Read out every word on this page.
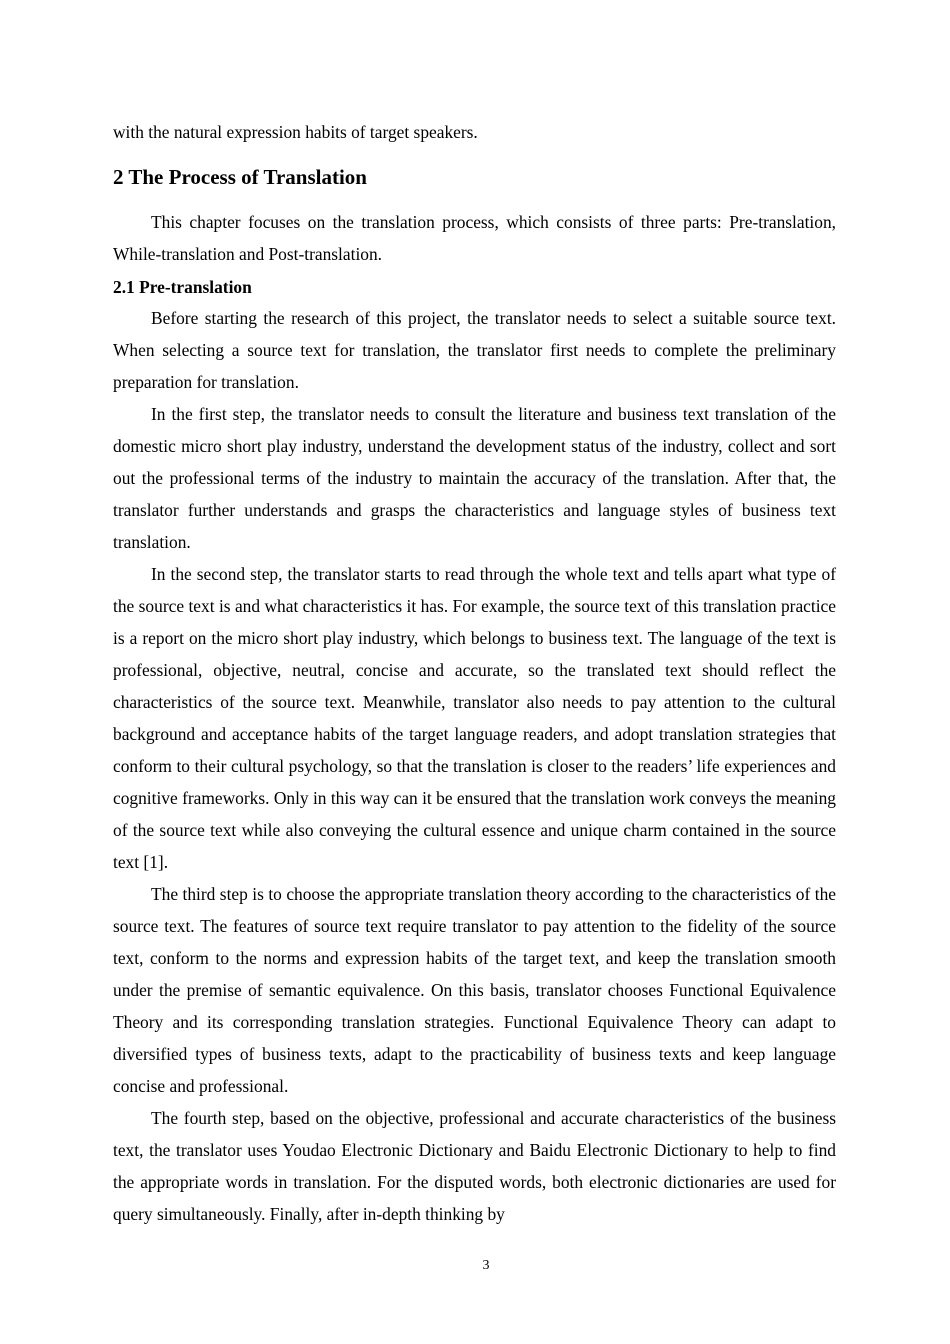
with the natural expression habits of target speakers.

2 The Process of Translation

This chapter focuses on the translation process, which consists of three parts: Pre-translation, While-translation and Post-translation.

2.1 Pre-translation

Before starting the research of this project, the translator needs to select a suitable source text. When selecting a source text for translation, the translator first needs to complete the preliminary preparation for translation.

In the first step, the translator needs to consult the literature and business text translation of the domestic micro short play industry, understand the development status of the industry, collect and sort out the professional terms of the industry to maintain the accuracy of the translation. After that, the translator further understands and grasps the characteristics and language styles of business text translation.

In the second step, the translator starts to read through the whole text and tells apart what type of the source text is and what characteristics it has. For example, the source text of this translation practice is a report on the micro short play industry, which belongs to business text. The language of the text is professional, objective, neutral, concise and accurate, so the translated text should reflect the characteristics of the source text. Meanwhile, translator also needs to pay attention to the cultural background and acceptance habits of the target language readers, and adopt translation strategies that conform to their cultural psychology, so that the translation is closer to the readers’ life experiences and cognitive frameworks. Only in this way can it be ensured that the translation work conveys the meaning of the source text while also conveying the cultural essence and unique charm contained in the source text [1].

The third step is to choose the appropriate translation theory according to the characteristics of the source text. The features of source text require translator to pay attention to the fidelity of the source text, conform to the norms and expression habits of the target text, and keep the translation smooth under the premise of semantic equivalence. On this basis, translator chooses Functional Equivalence Theory and its corresponding translation strategies. Functional Equivalence Theory can adapt to diversified types of business texts, adapt to the practicability of business texts and keep language concise and professional.

The fourth step, based on the objective, professional and accurate characteristics of the business text, the translator uses Youdao Electronic Dictionary and Baidu Electronic Dictionary to help to find the appropriate words in translation. For the disputed words, both electronic dictionaries are used for query simultaneously. Finally, after in-depth thinking by

3
